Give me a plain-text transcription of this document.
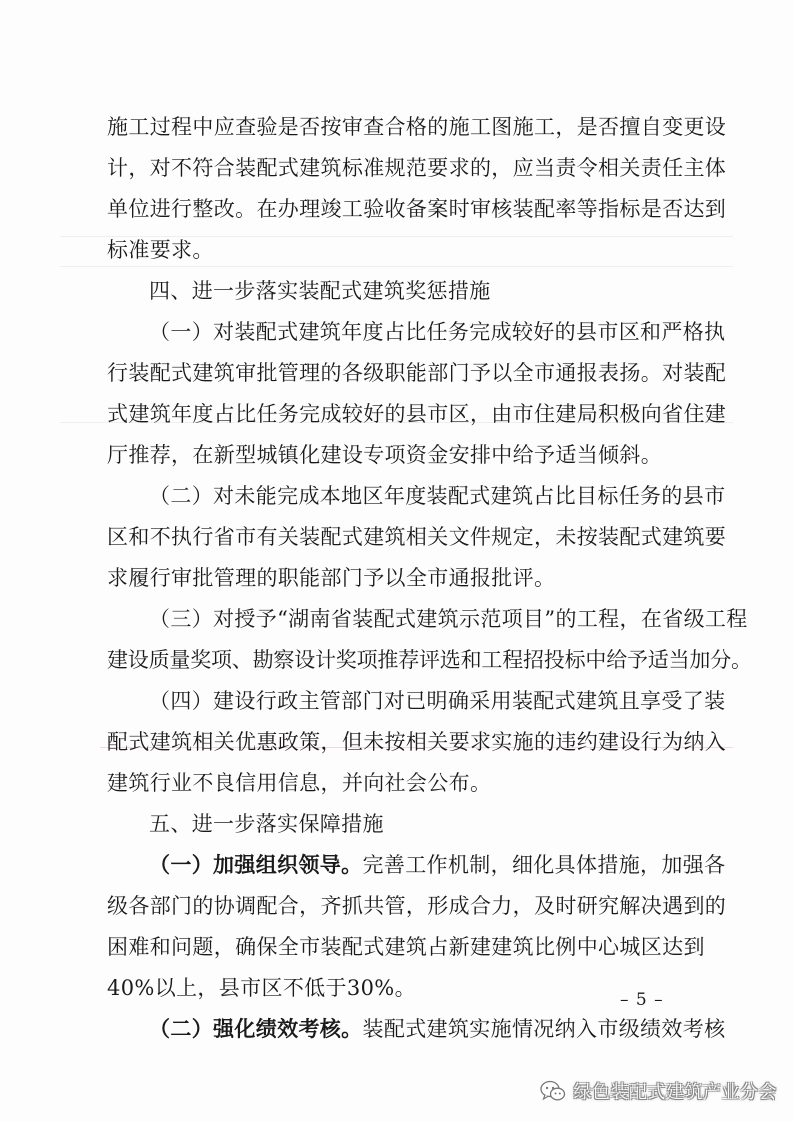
施工过程中应查验是否按审查合格的施工图施工，是否擅自变更设
计，对不符合装配式建筑标准规范要求的，应当责令相关责任主体
单位进行整改。在办理竣工验收备案时审核装配率等指标是否达到
标准要求。
四、进一步落实装配式建筑奖惩措施
（一）对装配式建筑年度占比任务完成较好的县市区和严格执
行装配式建筑审批管理的各级职能部门予以全市通报表扬。对装配
式建筑年度占比任务完成较好的县市区，由市住建局积极向省住建
厅推荐，在新型城镇化建设专项资金安排中给予适当倾斜。
（二）对未能完成本地区年度装配式建筑占比目标任务的县市
区和不执行省市有关装配式建筑相关文件规定，未按装配式建筑要
求履行审批管理的职能部门予以全市通报批评。
（三）对授予“湖南省装配式建筑示范项目”的工程，在省级工程
建设质量奖项、勘察设计奖项推荐评选和工程招投标中给予适当加分。
（四）建设行政主管部门对已明确采用装配式建筑且享受了装
配式建筑相关优惠政策，但未按相关要求实施的违约建设行为纳入
建筑行业不良信用信息，并向社会公布。
五、进一步落实保障措施
（一）加强组织领导。完善工作机制，细化具体措施，加强各
级各部门的协调配合，齐抓共管，形成合力，及时研究解决遇到的
困难和问题，确保全市装配式建筑占新建建筑比例中心城区达到
40%以上，县市区不低于30%。
（二）强化绩效考核。装配式建筑实施情况纳入市级绩效考核
– 5 –
绿色装配式建筑产业分会
